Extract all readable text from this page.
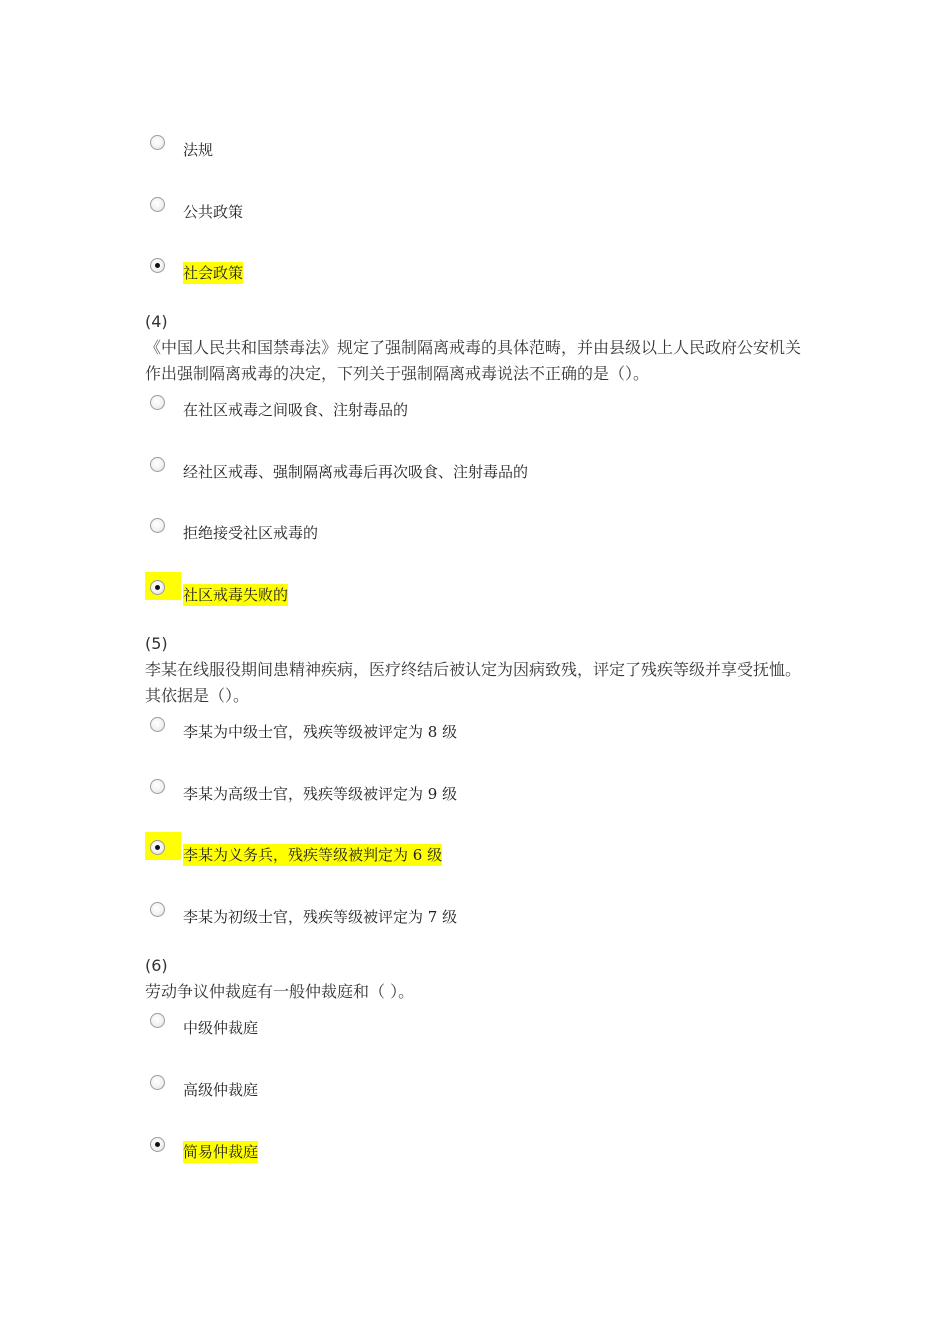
法规
公共政策
社会政策
(4)
《中国人民共和国禁毒法》规定了强制隔离戒毒的具体范畴，并由县级以上人民政府公安机关作出强制隔离戒毒的决定，下列关于强制隔离戒毒说法不正确的是（）。
在社区戒毒之间吸食、注射毒品的
经社区戒毒、强制隔离戒毒后再次吸食、注射毒品的
拒绝接受社区戒毒的
社区戒毒失败的
(5)
李某在线服役期间患精神疾病，医疗终结后被认定为因病致残，评定了残疾等级并享受抚恤。其依据是（）。
李某为中级士官，残疾等级被评定为 8 级
李某为高级士官，残疾等级被评定为 9 级
李某为义务兵，残疾等级被判定为 6 级
李某为初级士官，残疾等级被评定为 7 级
(6)
劳动争议仲裁庭有一般仲裁庭和（ ）。
中级仲裁庭
高级仲裁庭
简易仲裁庭
